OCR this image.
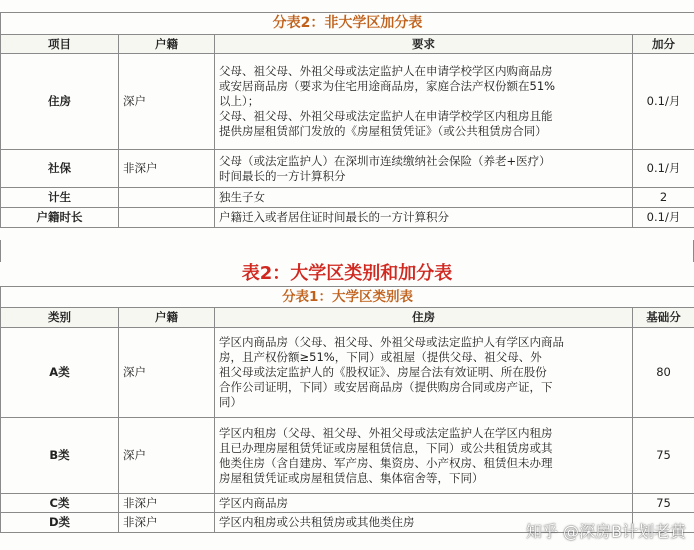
分表2：非大学区加分表			
项目	户籍	要求	加分
住房	深户	父母、祖父母、外祖父母或法定监护人在申请学校学区内购商品房
或安居商品房（要求为住宅用途商品房，家庭合法产权份额在51%
以上）；
父母、祖父母、外祖父母或法定监护人在申请学校学区内租房且能
提供房屋租赁部门发放的《房屋租赁凭证》（或公共租赁房合同）	0.1/月
社保	非深户	父母（或法定监护人）在深圳市连续缴纳社会保险（养老+医疗）
时间最长的一方计算积分	0.1/月
计生		独生子女	2
户籍时长		户籍迁入或者居住证时间最长的一方计算积分	0.1/月
表2：大学区类别和加分表
分表1：大学区类别表			
类别	户籍	住房	基础分
A类	深户	学区内商品房（父母、祖父母、外祖父母或法定监护人有学区内商品
房，且产权份额≥51%，下同）或祖屋（提供父母、祖父母、外
祖父母或法定监护人的《股权证》、房屋合法有效证明、所在股份
合作公司证明，下同）或安居商品房（提供购房合同或房产证，下
同）	80
B类	深户	学区内租房（父母、祖父母、外祖父母或法定监护人在学区内租房
且已办理房屋租赁凭证或房屋租赁信息，下同）或公共租赁房或其
他类住房（含自建房、军产房、集资房、小产权房、租赁但未办理
房屋租赁凭证或房屋租赁信息、集体宿舍等，下同）	75
C类	非深户	学区内商品房	75
D类	非深户	学区内租房或公共租赁房或其他类住房	
		知乎 @深房B计划老黄
